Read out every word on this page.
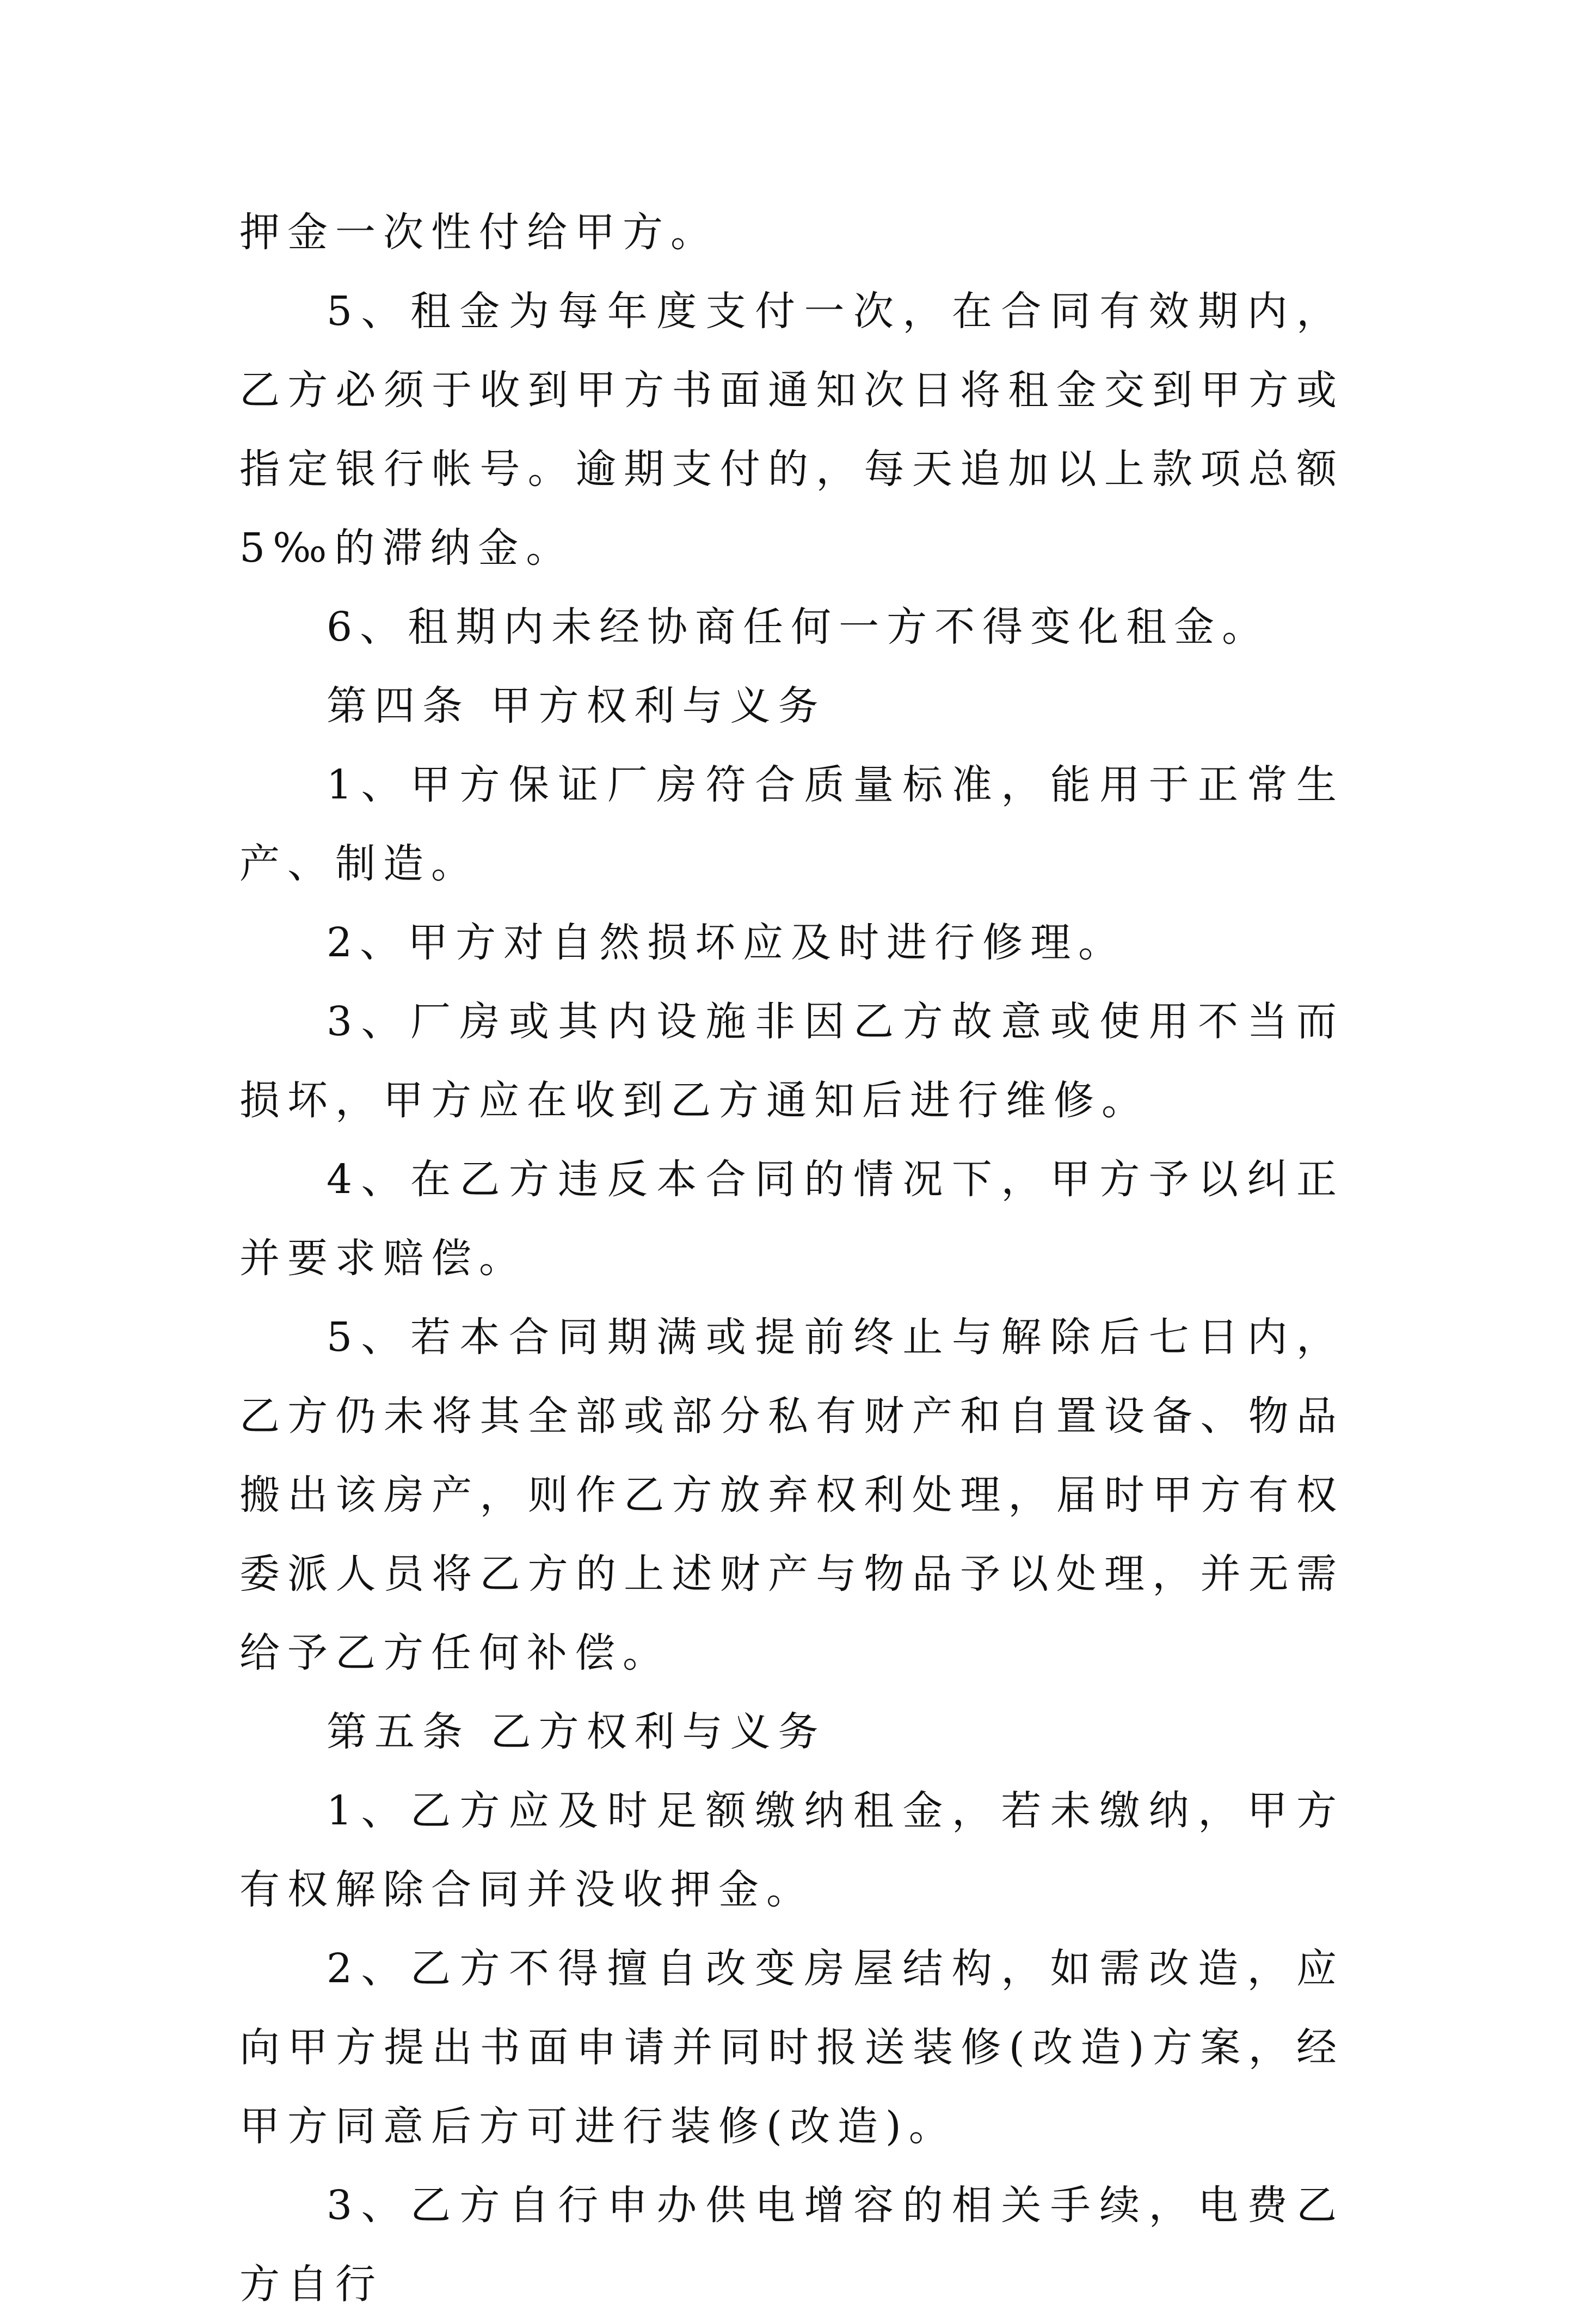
押金一次性付给甲方。

5、租金为每年度支付一次，在合同有效期内，乙方必须于收到甲方书面通知次日将租金交到甲方或指定银行帐号。逾期支付的，每天追加以上款项总额5‰的滞纳金。

6、租期内未经协商任何一方不得变化租金。

第四条 甲方权利与义务

1、甲方保证厂房符合质量标准，能用于正常生产、制造。

2、甲方对自然损坏应及时进行修理。

3、厂房或其内设施非因乙方故意或使用不当而损坏，甲方应在收到乙方通知后进行维修。

4、在乙方违反本合同的情况下，甲方予以纠正并要求赔偿。

5、若本合同期满或提前终止与解除后七日内，乙方仍未将其全部或部分私有财产和自置设备、物品搬出该房产，则作乙方放弃权利处理，届时甲方有权委派人员将乙方的上述财产与物品予以处理，并无需给予乙方任何补偿。

第五条 乙方权利与义务

1、乙方应及时足额缴纳租金，若未缴纳，甲方有权解除合同并没收押金。

2、乙方不得擅自改变房屋结构，如需改造，应向甲方提出书面申请并同时报送装修(改造)方案，经甲方同意后方可进行装修(改造)。

3、乙方自行申办供电增容的相关手续，电费乙方自行
